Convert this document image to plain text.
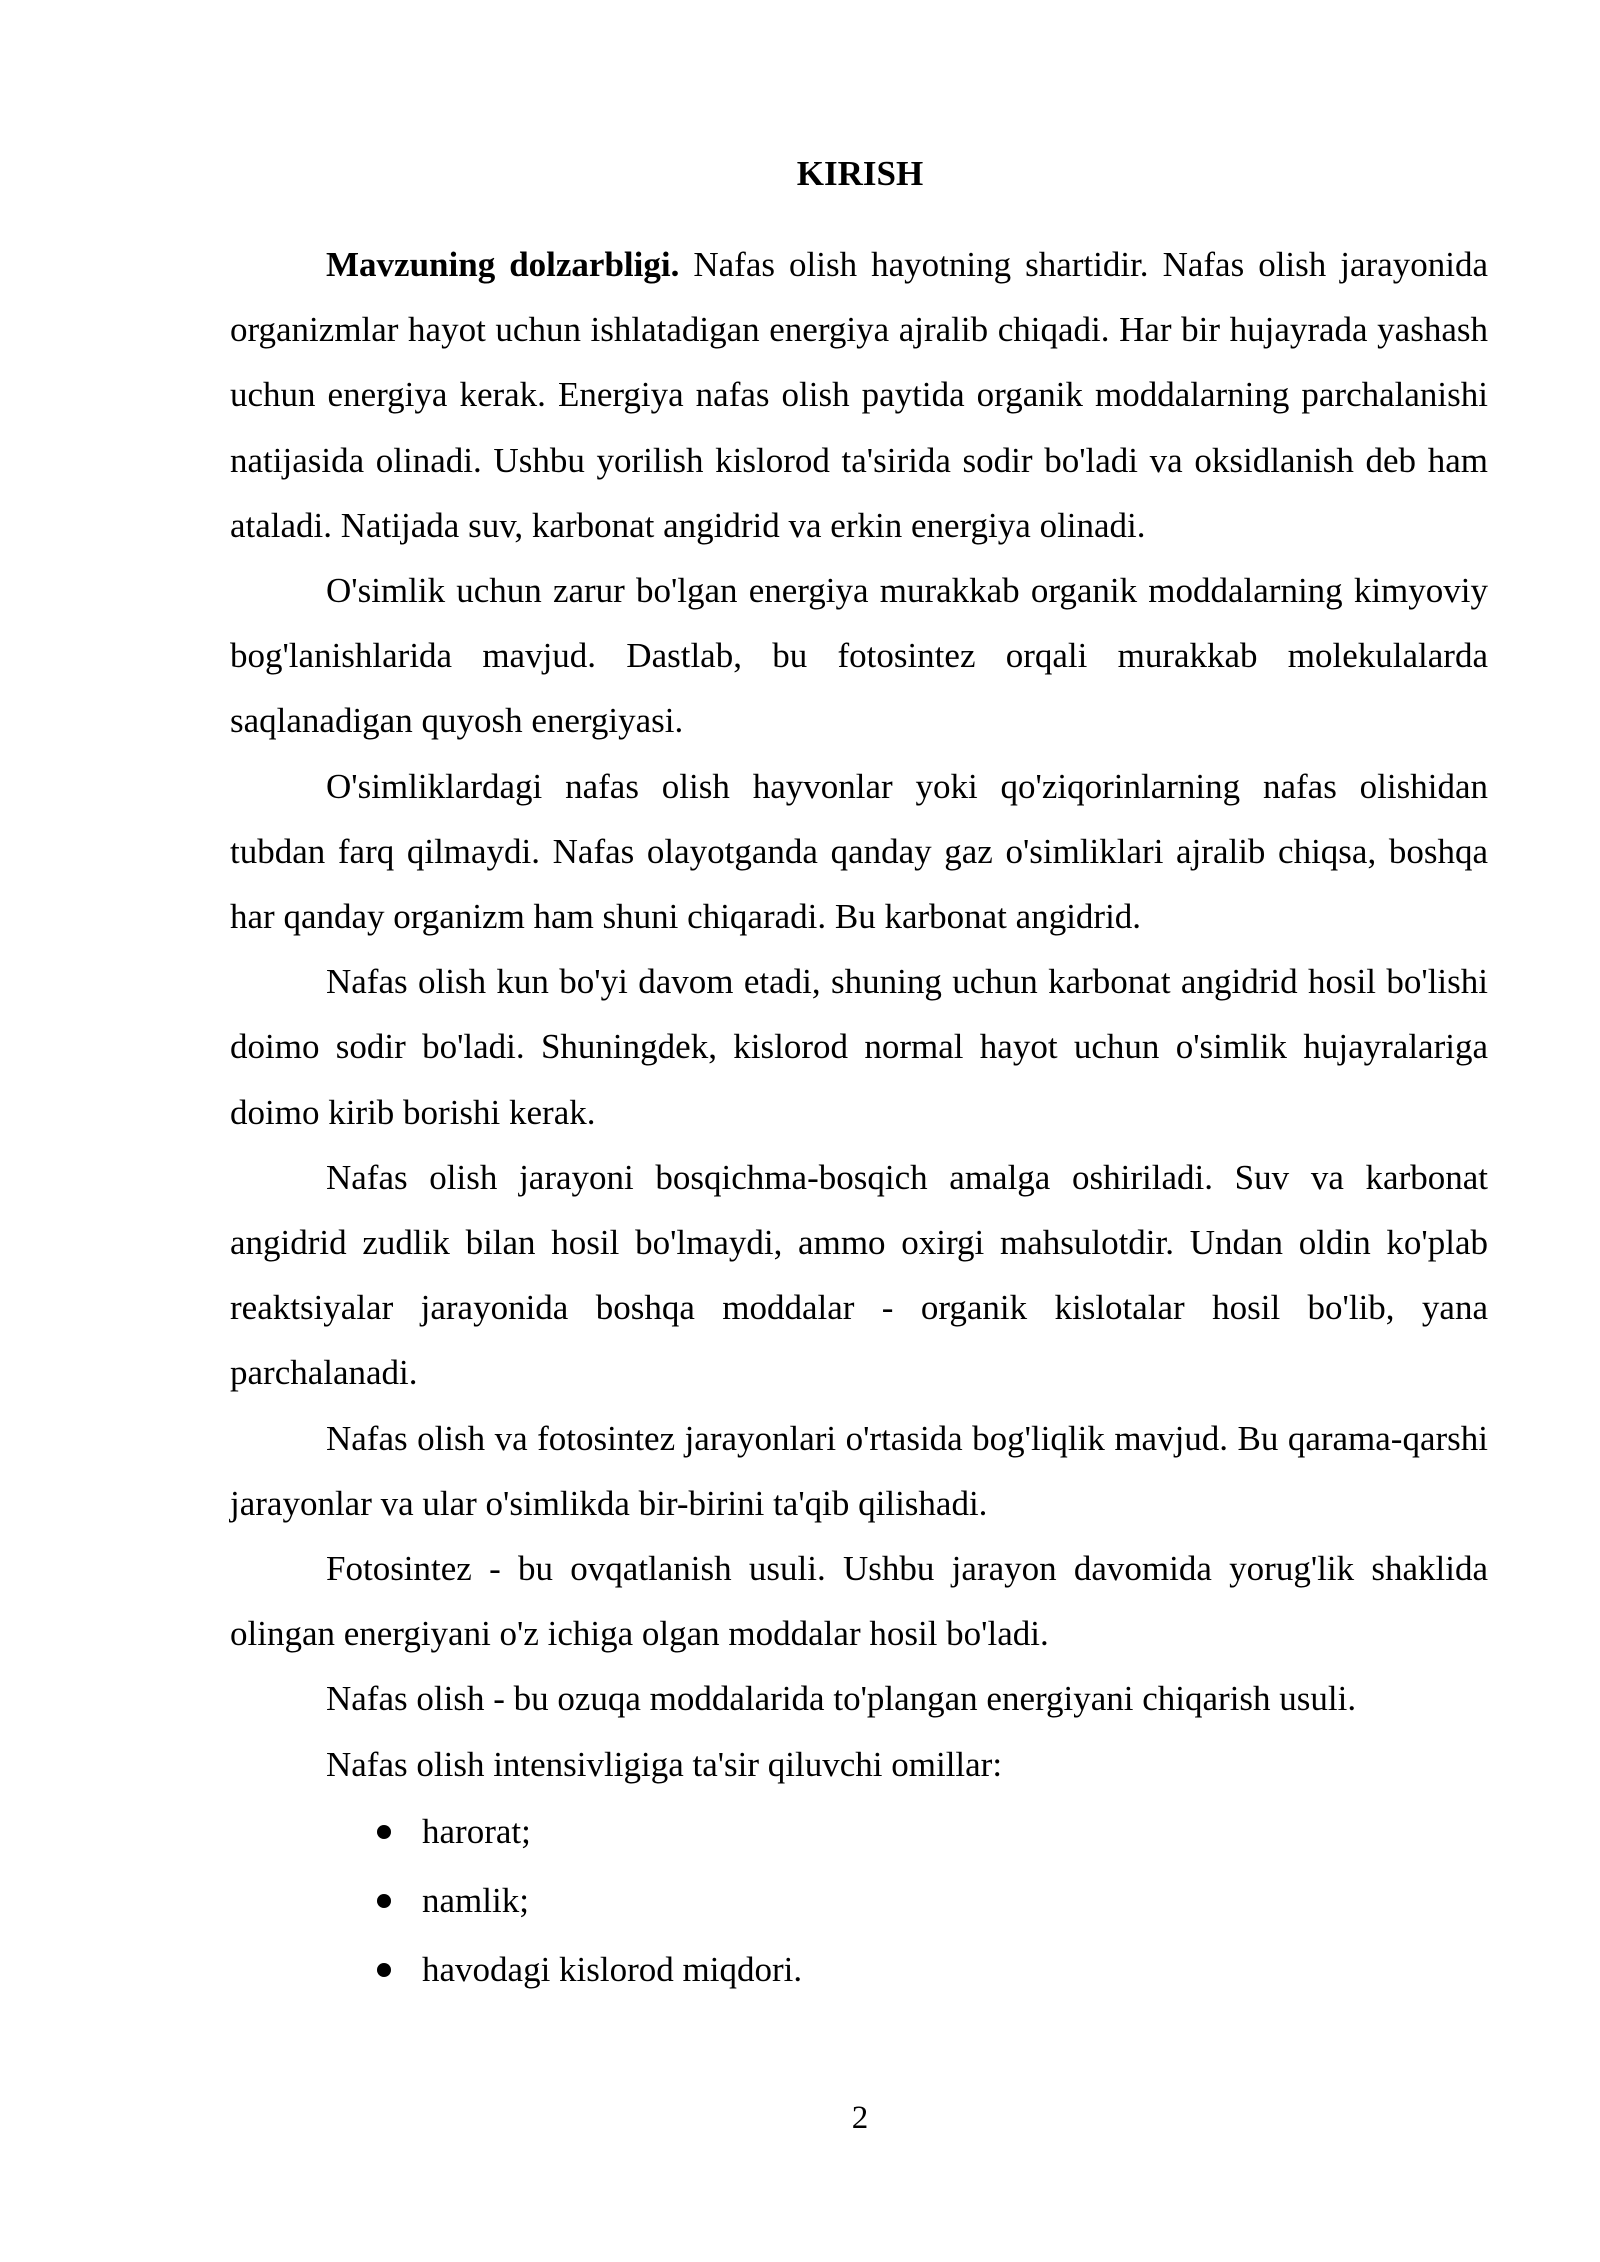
KIRISH

Mavzuning dolzarbligi. Nafas olish hayotning shartidir. Nafas olish jarayonida organizmlar hayot uchun ishlatadigan energiya ajralib chiqadi. Har bir hujayrada yashash uchun energiya kerak. Energiya nafas olish paytida organik moddalarning parchalanishi natijasida olinadi. Ushbu yorilish kislorod ta'sirida sodir bo'ladi va oksidlanish deb ham ataladi. Natijada suv, karbonat angidrid va erkin energiya olinadi.

O'simlik uchun zarur bo'lgan energiya murakkab organik moddalarning kimyoviy bog'lanishlarida mavjud. Dastlab, bu fotosintez orqali murakkab molekulalarda saqlanadigan quyosh energiyasi.

O'simliklardagi nafas olish hayvonlar yoki qo'ziqorinlarning nafas olishidan tubdan farq qilmaydi. Nafas olayotganda qanday gaz o'simliklari ajralib chiqsa, boshqa har qanday organizm ham shuni chiqaradi. Bu karbonat angidrid.

Nafas olish kun bo'yi davom etadi, shuning uchun karbonat angidrid hosil bo'lishi doimo sodir bo'ladi. Shuningdek, kislorod normal hayot uchun o'simlik hujayralariga doimo kirib borishi kerak.

Nafas olish jarayoni bosqichma-bosqich amalga oshiriladi. Suv va karbonat angidrid zudlik bilan hosil bo'lmaydi, ammo oxirgi mahsulotdir. Undan oldin ko'plab reaktsiyalar jarayonida boshqa moddalar - organik kislotalar hosil bo'lib, yana parchalanadi.

Nafas olish va fotosintez jarayonlari o'rtasida bog'liqlik mavjud. Bu qarama-qarshi jarayonlar va ular o'simlikda bir-birini ta'qib qilishadi.

Fotosintez - bu ovqatlanish usuli. Ushbu jarayon davomida yorug'lik shaklida olingan energiyani o'z ichiga olgan moddalar hosil bo'ladi.

Nafas olish - bu ozuqa moddalarida to'plangan energiyani chiqarish usuli.

Nafas olish intensivligiga ta'sir qiluvchi omillar:

harorat;
namlik;
havodagi kislorod miqdori.
2
